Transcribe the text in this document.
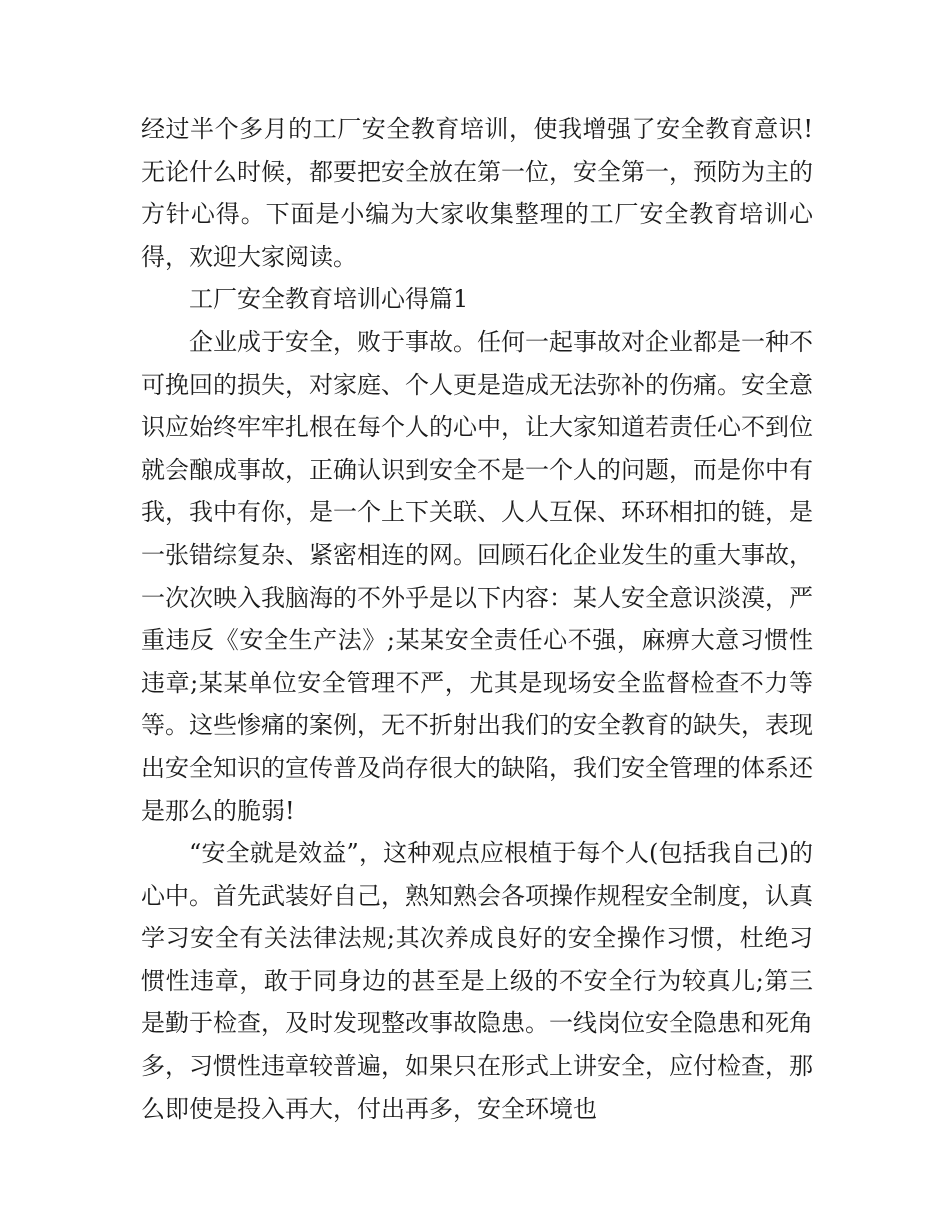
经过半个多月的工厂安全教育培训，使我增强了安全教育意识!无论什么时候，都要把安全放在第一位，安全第一，预防为主的方针心得。下面是小编为大家收集整理的工厂安全教育培训心得，欢迎大家阅读。

工厂安全教育培训心得篇1

企业成于安全，败于事故。任何一起事故对企业都是一种不可挽回的损失，对家庭、个人更是造成无法弥补的伤痛。安全意识应始终牢牢扎根在每个人的心中，让大家知道若责任心不到位就会酿成事故，正确认识到安全不是一个人的问题，而是你中有我，我中有你，是一个上下关联、人人互保、环环相扣的链，是一张错综复杂、紧密相连的网。回顾石化企业发生的重大事故，一次次映入我脑海的不外乎是以下内容：某人安全意识淡漠，严重违反《安全生产法》;某某安全责任心不强，麻痹大意习惯性违章;某某单位安全管理不严，尤其是现场安全监督检查不力等等。这些惨痛的案例，无不折射出我们的安全教育的缺失，表现出安全知识的宣传普及尚存很大的缺陷，我们安全管理的体系还是那么的脆弱!

“安全就是效益”，这种观点应根植于每个人(包括我自己)的心中。首先武装好自己，熟知熟会各项操作规程安全制度，认真学习安全有关法律法规;其次养成良好的安全操作习惯，杜绝习惯性违章，敢于同身边的甚至是上级的不安全行为较真儿;第三是勤于检查，及时发现整改事故隐患。一线岗位安全隐患和死角多，习惯性违章较普遍，如果只在形式上讲安全，应付检查，那么即使是投入再大，付出再多，安全环境也
